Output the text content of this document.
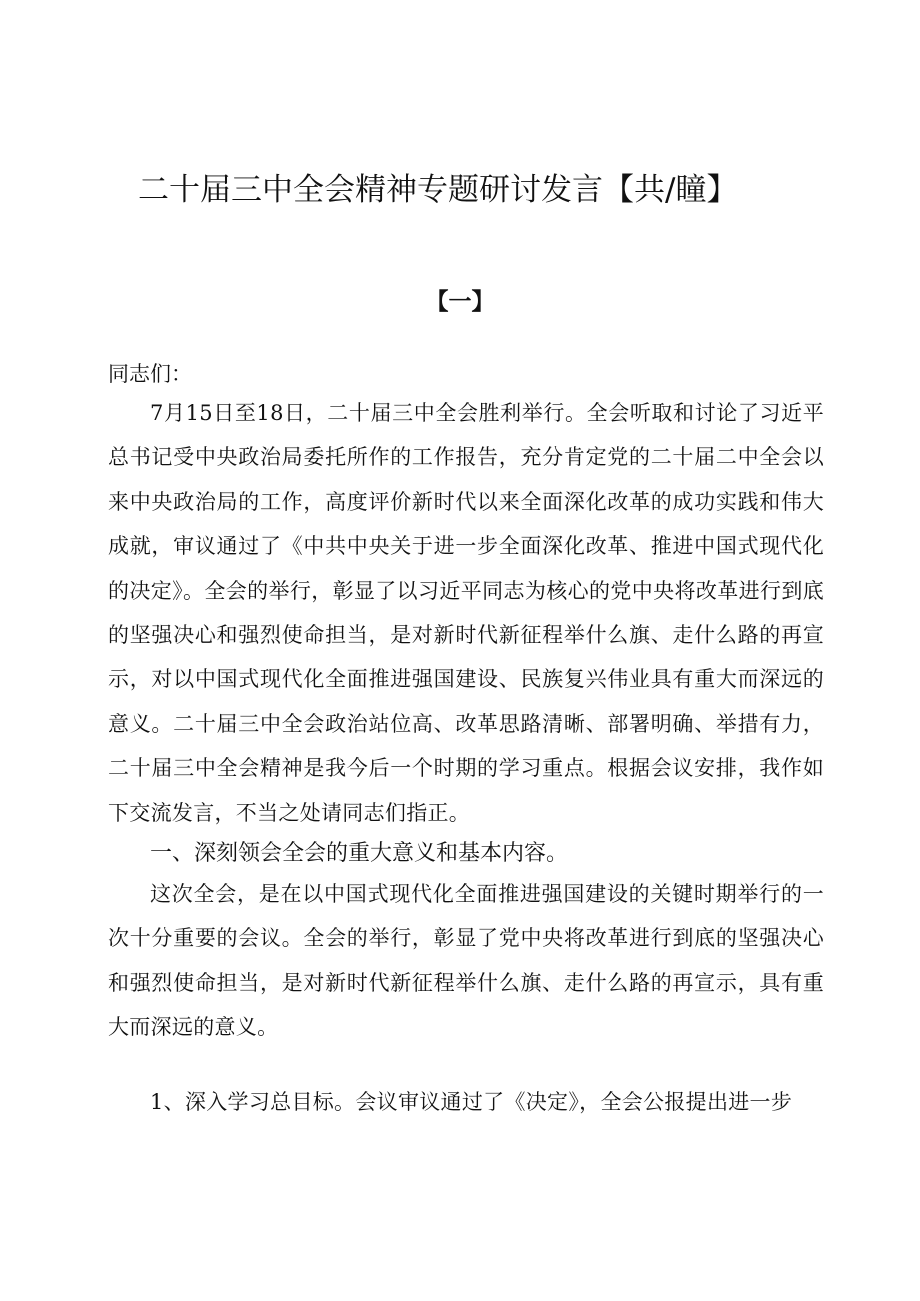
二十届三中全会精神专题研讨发言【共/瞳】
【一】
同志们：
7月15日至18日，二十届三中全会胜利举行。全会听取和讨论了习近平总书记受中央政治局委托所作的工作报告，充分肯定党的二十届二中全会以来中央政治局的工作，高度评价新时代以来全面深化改革的成功实践和伟大成就，审议通过了《中共中央关于进一步全面深化改革、推进中国式现代化的决定》。全会的举行，彰显了以习近平同志为核心的党中央将改革进行到底的坚强决心和强烈使命担当，是对新时代新征程举什么旗、走什么路的再宣示，对以中国式现代化全面推进强国建设、民族复兴伟业具有重大而深远的意义。二十届三中全会政治站位高、改革思路清晰、部署明确、举措有力，二十届三中全会精神是我今后一个时期的学习重点。根据会议安排，我作如下交流发言，不当之处请同志们指正。
一、深刻领会全会的重大意义和基本内容。
这次全会，是在以中国式现代化全面推进强国建设的关键时期举行的一次十分重要的会议。全会的举行，彰显了党中央将改革进行到底的坚强决心和强烈使命担当，是对新时代新征程举什么旗、走什么路的再宣示，具有重大而深远的意义。
1、深入学习总目标。会议审议通过了《决定》，全会公报提出进一步
